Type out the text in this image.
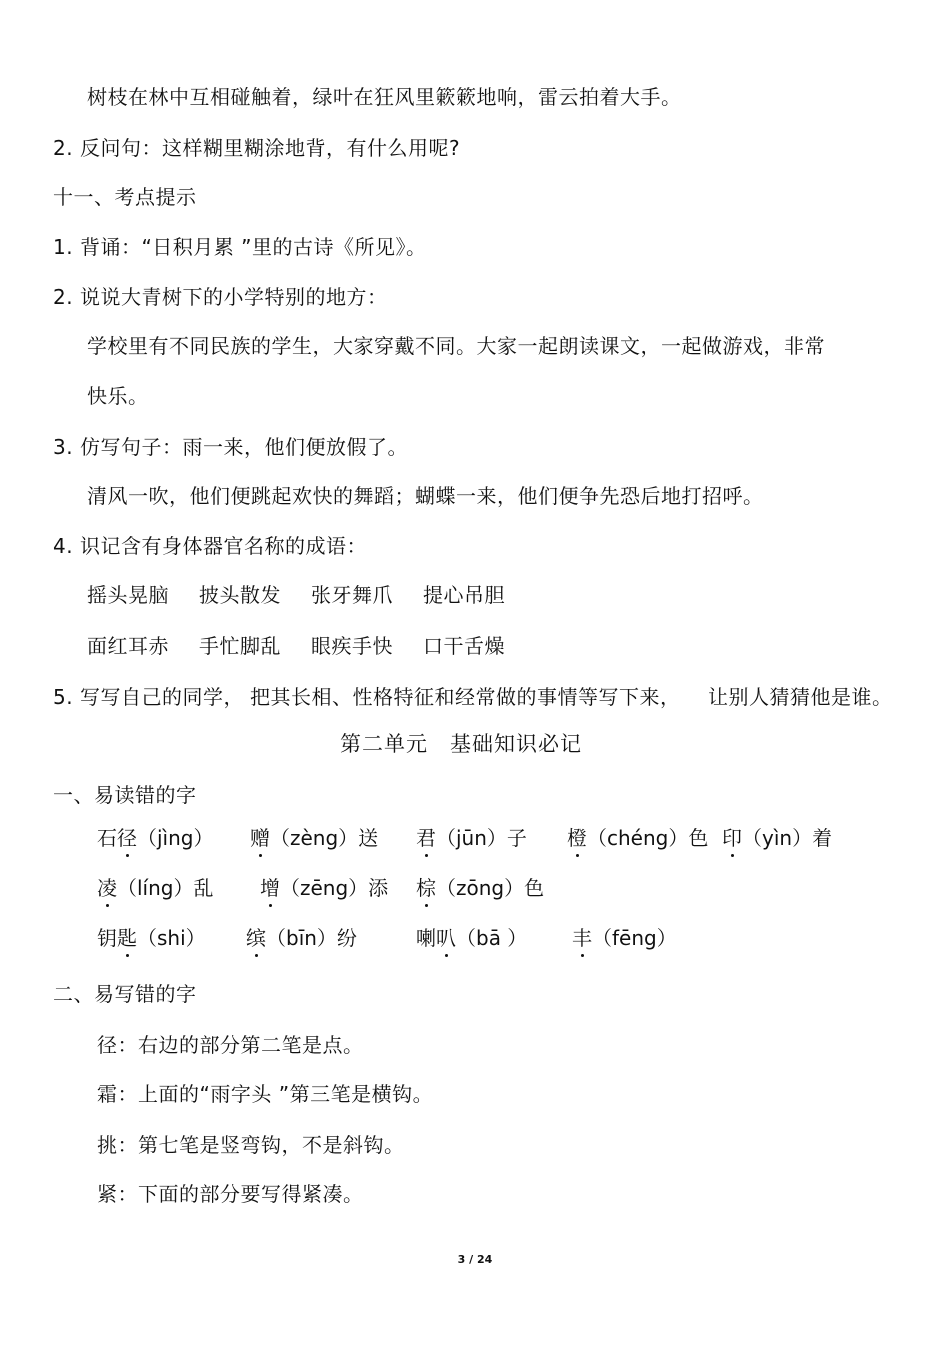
树枝在林中互相碰触着，绿叶在狂风里簌簌地响，雷云拍着大手。
2. 反问句：这样糊里糊涂地背，有什么用呢?
十一、考点提示
1. 背诵：“日积月累 ”里的古诗《所见》。
2. 说说大青树下的小学特别的地方：
学校里有不同民族的学生，大家穿戴不同。大家一起朗读课文，一起做游戏，非常
快乐。
3. 仿写句子：雨一来，他们便放假了。
清风一吹，他们便跳起欢快的舞蹈；蝴蝶一来，他们便争先恐后地打招呼。
4. 识记含有身体器官名称的成语：
摇头晃脑 披头散发 张牙舞爪 提心吊胆
面红耳赤 手忙脚乱 眼疾手快 口干舌燥
5. 写写自己的同学， 把其长相、性格特征和经常做的事情等写下来， 让别人猜猜他是谁。
第二单元　基础知识必记
一、易读错的字
石径（jìng） 赠（zèng）送 君（jūn）子 橙（chéng）色 印（yìn）着
凌（líng）乱 增（zēng）添 棕（zōng）色
钥匙（shi） 缤（bīn）纷	喇叭（bā ） 丰（fēng）
二、易写错的字
径：右边的部分第二笔是点。
霜：上面的“雨字头 ”第三笔是横钩。
挑：第七笔是竖弯钩，不是斜钩。
紧：下面的部分要写得紧凑。
3 / 24
